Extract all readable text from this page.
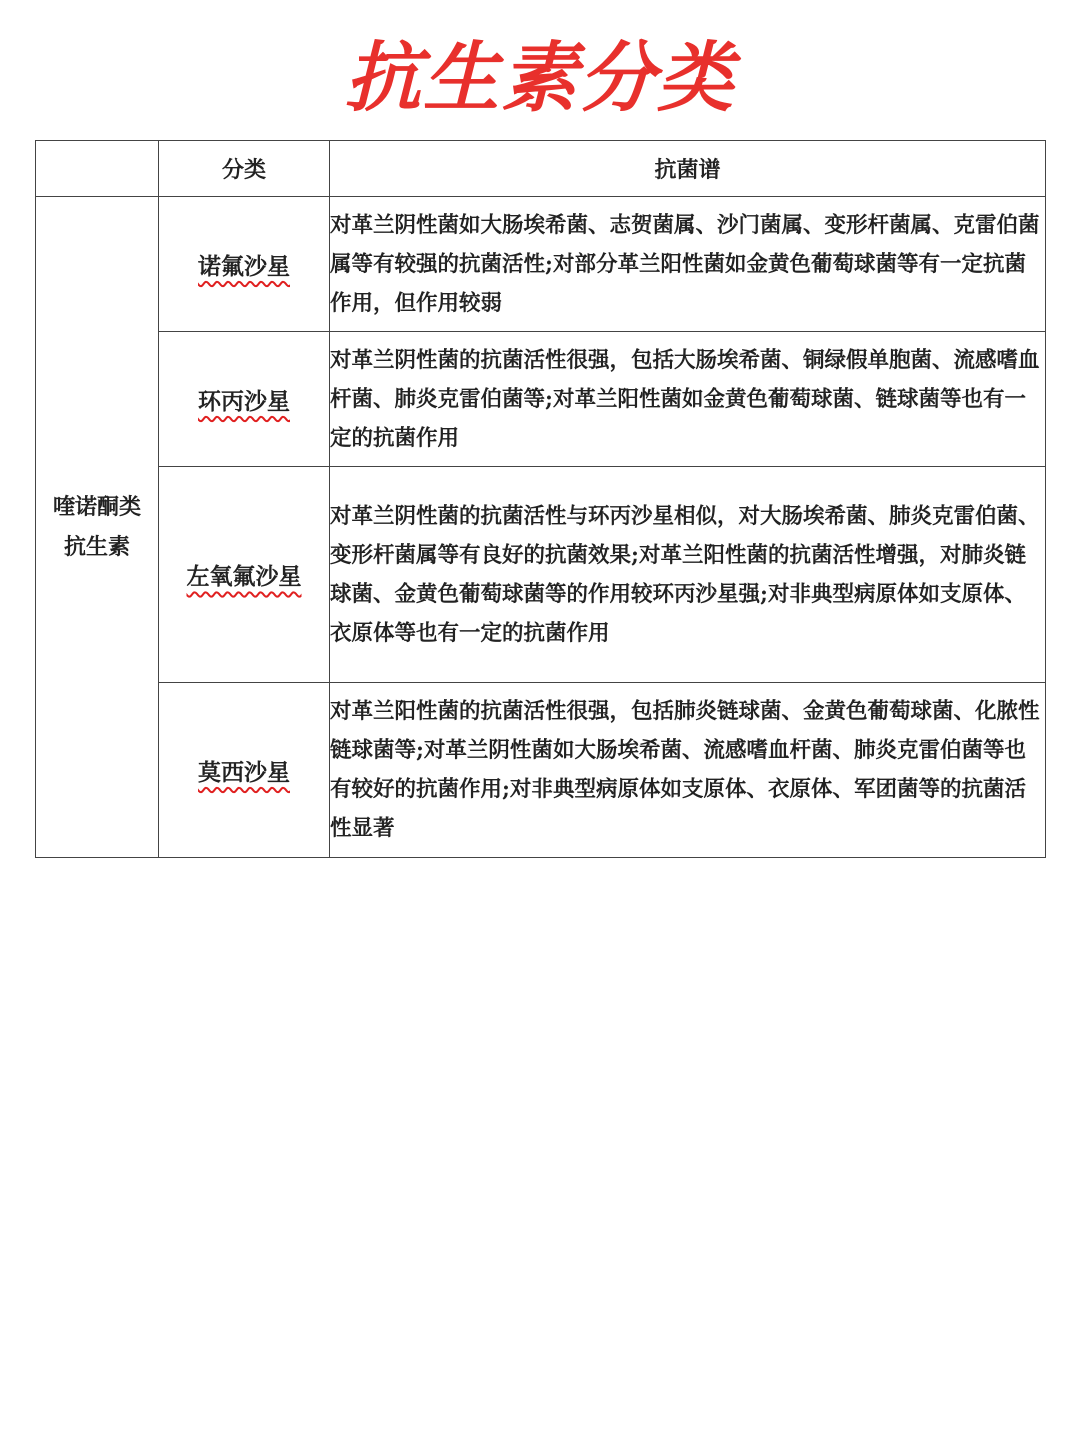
抗生素分类
	分类	抗菌谱

喹诺酮类
抗生素	诺氟沙星	对革兰阴性菌如大肠埃希菌、志贺菌属、沙门菌属、变形杆菌属、克雷伯菌属等有较强的抗菌活性;对部分革兰阳性菌如金黄色葡萄球菌等有一定抗菌作用，但作用较弱
	环丙沙星	对革兰阴性菌的抗菌活性很强，包括大肠埃希菌、铜绿假单胞菌、流感嗜血杆菌、肺炎克雷伯菌等;对革兰阳性菌如金黄色葡萄球菌、链球菌等也有一定的抗菌作用
	左氧氟沙星	对革兰阴性菌的抗菌活性与环丙沙星相似，对大肠埃希菌、肺炎克雷伯菌、变形杆菌属等有良好的抗菌效果;对革兰阳性菌的抗菌活性增强，对肺炎链球菌、金黄色葡萄球菌等的作用较环丙沙星强;对非典型病原体如支原体、衣原体等也有一定的抗菌作用
	莫西沙星	对革兰阳性菌的抗菌活性很强，包括肺炎链球菌、金黄色葡萄球菌、化脓性链球菌等;对革兰阴性菌如大肠埃希菌、流感嗜血杆菌、肺炎克雷伯菌等也有较好的抗菌作用;对非典型病原体如支原体、衣原体、军团菌等的抗菌活性显著
